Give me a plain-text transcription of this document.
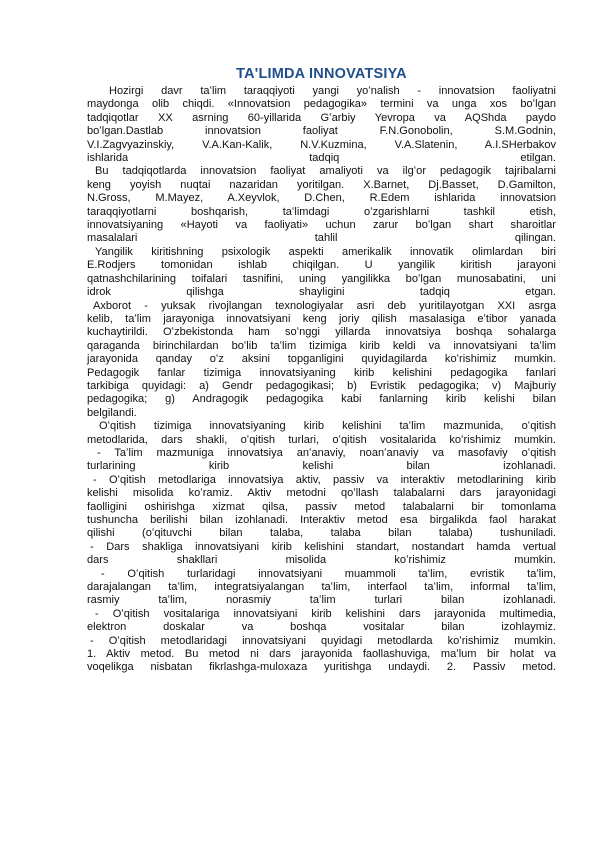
TA'LIMDA INNOVATSIYA
Hozirgi davr taʻlim taraqqiyoti yangi yoʻnalish - innovatsion faoliyatni
maydonga olib chiqdi. «Innovatsion pedagogika» termini va unga xos boʻlgan
tadqiqotlar XX asrning 60-yillarida Gʻarbiy Yevropa va AQShda paydo
boʻlgan.Dastlab innovatsion faoliyat F.N.Gonobolin, S.M.Godnin,
V.I.Zagvyazinskiy, V.A.Kan-Kalik, N.V.Kuzmina, V.A.Slatenin, A.I.SHerbakov
ishlarida tadqiq etilgan.
Bu tadqiqotlarda innovatsion faoliyat amaliyoti va ilgʻor pedagogik tajribalarni
keng yoyish nuqtai nazaridan yoritilgan. X.Barnet, Dj.Basset, D.Gamilton,
N.Gross, M.Mayez, A.Xeyvlok, D.Chen, R.Edem ishlarida innovatsion
taraqqiyotlarni boshqarish, taʻlimdagi oʻzgarishlarni tashkil etish,
innovatsiyaning «Hayoti va faoliyati» uchun zarur boʻlgan shart sharoitlar
masalalari tahlil qilingan.
Yangilik kiritishning psixologik aspekti amerikalik innovatik olimlardan biri
E.Rodjers tomonidan ishlab chiqilgan. U yangilik kiritish jarayoni
qatnashchilarining toifalari tasnifini, uning yangilikka boʻlgan munosabatini, uni
idrok qilishga shayligini tadqiq etgan.
Axborot - yuksak rivojlangan texnologiyalar asri deb yuritilayotgan XXI asrga
kelib, taʻlim jarayoniga innovatsiyani keng joriy qilish masalasiga eʻtibor yanada
kuchaytirildi. Oʻzbekistonda ham soʻnggi yillarda innovatsiya boshqa sohalarga
qaraganda birinchilardan boʻlib taʻlim tizimiga kirib keldi va innovatsiyani taʻlim
jarayonida qanday oʻz aksini topganligini quyidagilarda koʻrishimiz mumkin.
Pedagogik fanlar tizimiga innovatsiyaning kirib kelishini pedagogika fanlari
tarkibiga quyidagi: a) Gendr pedagogikasi; b) Evristik pedagogika; v) Majburiy
pedagogika; g) Andragogik pedagogika kabi fanlarning kirib kelishi bilan
belgilandi.
Oʻqitish tizimiga innovatsiyaning kirib kelishini taʻlim mazmunida, oʻqitish
metodlarida, dars shakli, oʻqitish turlari, oʻqitish vositalarida koʻrishimiz mumkin.
- Taʻlim mazmuniga innovatsiya anʻanaviy, noanʻanaviy va masofaviy oʻqitish
turlarining kirib kelishi bilan izohlanadi.
- Oʻqitish metodlariga innovatsiya aktiv, passiv va interaktiv metodlarining kirib
kelishi misolida koʻramiz. Aktiv metodni qoʻllash talabalarni dars jarayonidagi
faolligini oshirishga xizmat qilsa, passiv metod talabalarni bir tomonlama
tushuncha berilishi bilan izohlanadi. Interaktiv metod esa birgalikda faol harakat
qilishi (oʻqituvchi bilan talaba, talaba bilan talaba) tushuniladi.
- Dars shakliga innovatsiyani kirib kelishini standart, nostandart hamda vertual
dars shakllari misolida koʻrishimiz mumkin.
- Oʻqitish turlaridagi innovatsiyani muammoli taʻlim, evristik taʻlim,
darajalangan taʻlim, integratsiyalangan taʻlim, interfaol taʻlim, informal taʻlim,
rasmiy taʻlim, norasmiy taʻlim turlari bilan izohlanadi.
- Oʻqitish vositalariga innovatsiyani kirib kelishini dars jarayonida multimedia,
elektron doskalar va boshqa vositalar bilan izohlaymiz.
- Oʻqitish metodlaridagi innovatsiyani quyidagi metodlarda koʻrishimiz mumkin.
1. Aktiv metod. Bu metod ni dars jarayonida faollashuviga, maʻlum bir holat va
voqelikga nisbatan fikrlashga-muloxaza yuritishga undaydi. 2. Passiv metod.
